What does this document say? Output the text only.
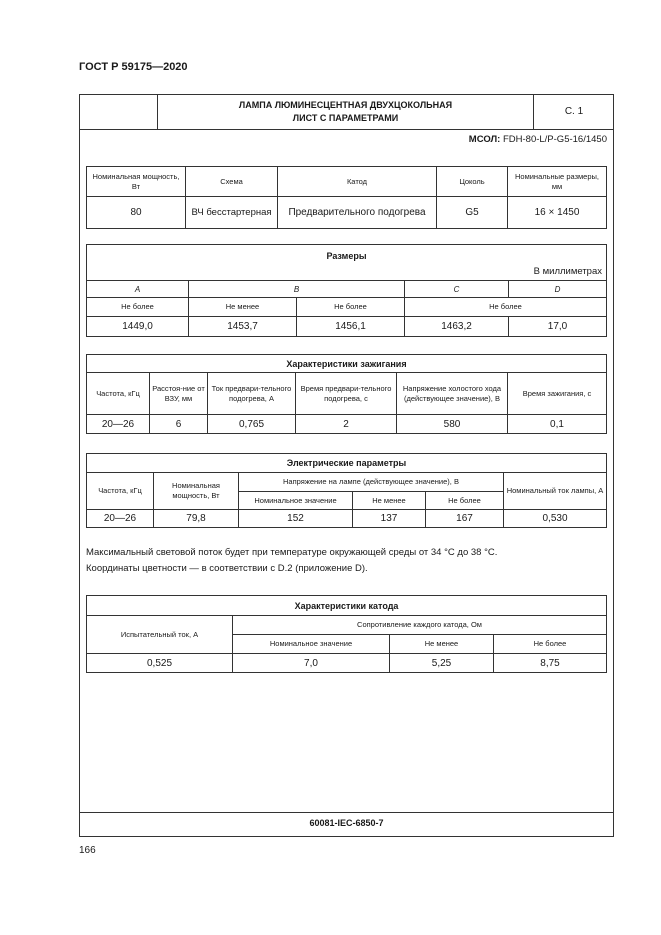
ГОСТ Р 59175—2020
ЛАМПА ЛЮМИНЕСЦЕНТНАЯ ДВУХЦОКОЛЬНАЯ
ЛИСТ С ПАРАМЕТРАМИ
С. 1
МСОЛ: FDH-80-L/P-G5-16/1450
Номинальная мощность, Вт	Схема	Катод	Цоколь	Номинальные размеры, мм
80	ВЧ бесстартерная	Предварительного подогрева	G5	16 × 1450
Размеры
В миллиметрах				

A	B		C	D
Не более	Не менее	Не более	Не более
1449,0	1453,7	1456,1	1463,2	17,0
Характеристики зажигания					
Частота, кГц	Расстоя-ние от ВЗУ, мм	Ток предвари-тельного подогрева, А	Время предвари-тельного подогрева, с	Напряжение холостого хода (действующее значение), В	Время зажигания, с
20—26	6	0,765	2	580	0,1
Электрические параметры					
Частота, кГц	Номинальная мощность, Вт	Напряжение на лампе (действующее значение), В			Номинальный ток лампы, А
		Номинальное значение	Не менее	Не более	
20—26	79,8	152	137	167	0,530
Максимальный световой поток будет при температуре окружающей среды от 34 °С до 38 °С.
Координаты цветности — в соответствии с D.2 (приложение D).
Характеристики катода			
Испытательный ток, А	Сопротивление каждого катода, Ом		
	Номинальное значение	Не менее	Не более
0,525	7,0	5,25	8,75
60081-IEC-6850-7
166
